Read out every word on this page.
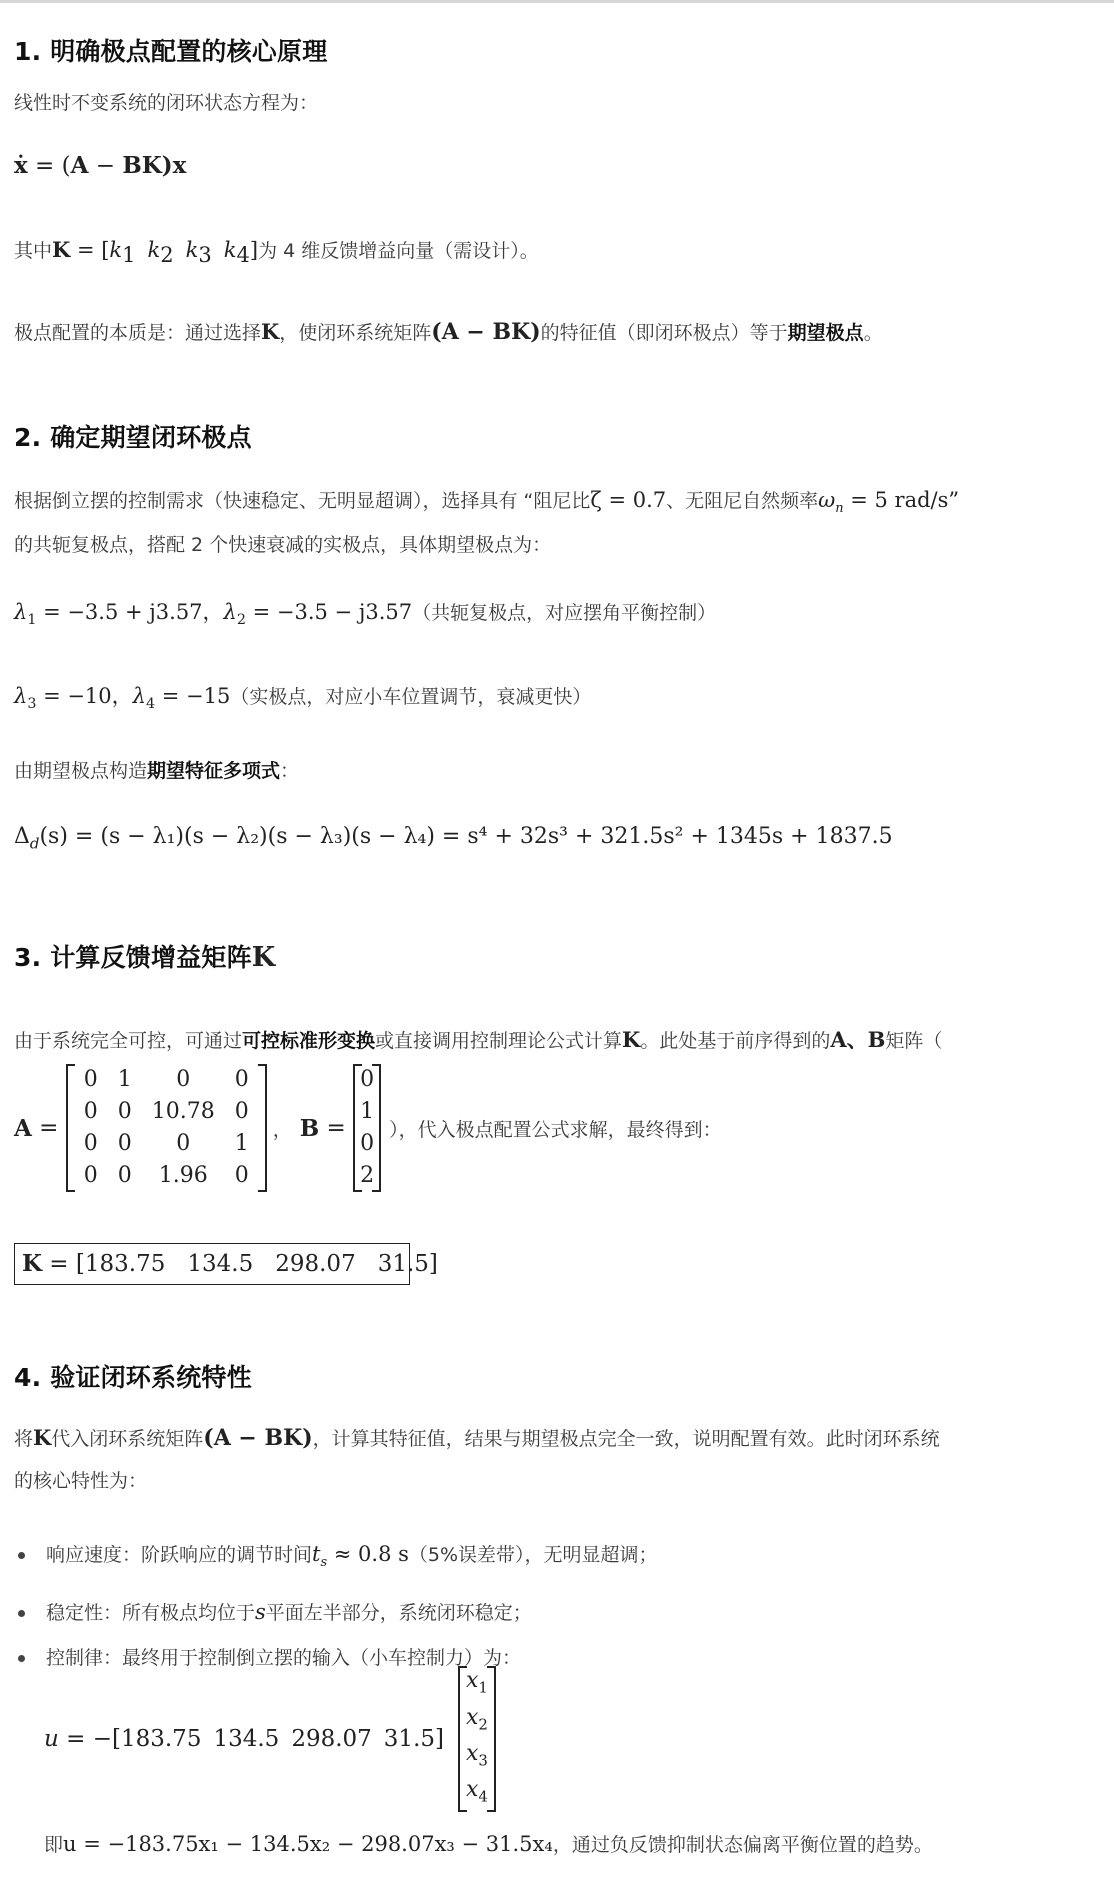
1. 明确极点配置的核心原理
线性时不变系统的闭环状态方程为：
ẋ = (A − BK)x
其中$K = [k_1$ $k_2$ $k_3$ $k_4$]为 4 维反馈增益向量（需设计）。
极点配置的本质是：通过选择K，使闭环系统矩阵(A − BK)的特征值（即闭环极点）等于期望极点。
2. 确定期望闭环极点
根据倒立摆的控制需求（快速稳定、无明显超调），选择具有 “阻尼比ζ = 0.7、无阻尼自然频率$\omega_n = 5$ rad/s”
的共轭复极点，搭配 2 个快速衰减的实极点，具体期望极点为：
$\lambda_1 = -3.5 + j3.57$，$\lambda_2 = -3.5 - j3.57$（共轭复极点，对应摆角平衡控制）
$\lambda_3 = -10$，$\lambda_4 = -15$（实极点，对应小车位置调节，衰减更快）
由期望极点构造期望特征多项式：
$\Delta_d(s) = (s - \lambda_1)(s - \lambda_2)(s - \lambda_3)(s - \lambda_4) = s^4 + 32s^3 + 321.5s^2 + 1345s + 1837.5$
3. 计算反馈增益矩阵K
由于系统完全可控，可通过可控标准形变换或直接调用控制理论公式计算K。此处基于前序得到的A、B矩阵（
A =
0	1	0	0
0	0	10.78	0
0	0	0	1
0	0	1.96	0
， B =
0
1
0
2
），代入极点配置公式求解，最终得到：
K = [183.75 134.5 298.07 31.5]
4. 验证闭环系统特性
将K代入闭环系统矩阵(A − BK)，计算其特征值，结果与期望极点完全一致，说明配置有效。此时闭环系统
的核心特性为：
响应速度：阶跃响应的调节时间$t_s \approx 0.8$ s（5%误差带），无明显超调；
稳定性：所有极点均位于s平面左半部分，系统闭环稳定；
控制律：最终用于控制倒立摆的输入（小车控制力）为：
u = −[ 183.75 134.5 298.07 31.5 ]
$x_1$
$x_2$
$x_3$
$x_4$
即u = −183.75x₁ − 134.5x₂ − 298.07x₃ − 31.5x₄，通过负反馈抑制状态偏离平衡位置的趋势。
